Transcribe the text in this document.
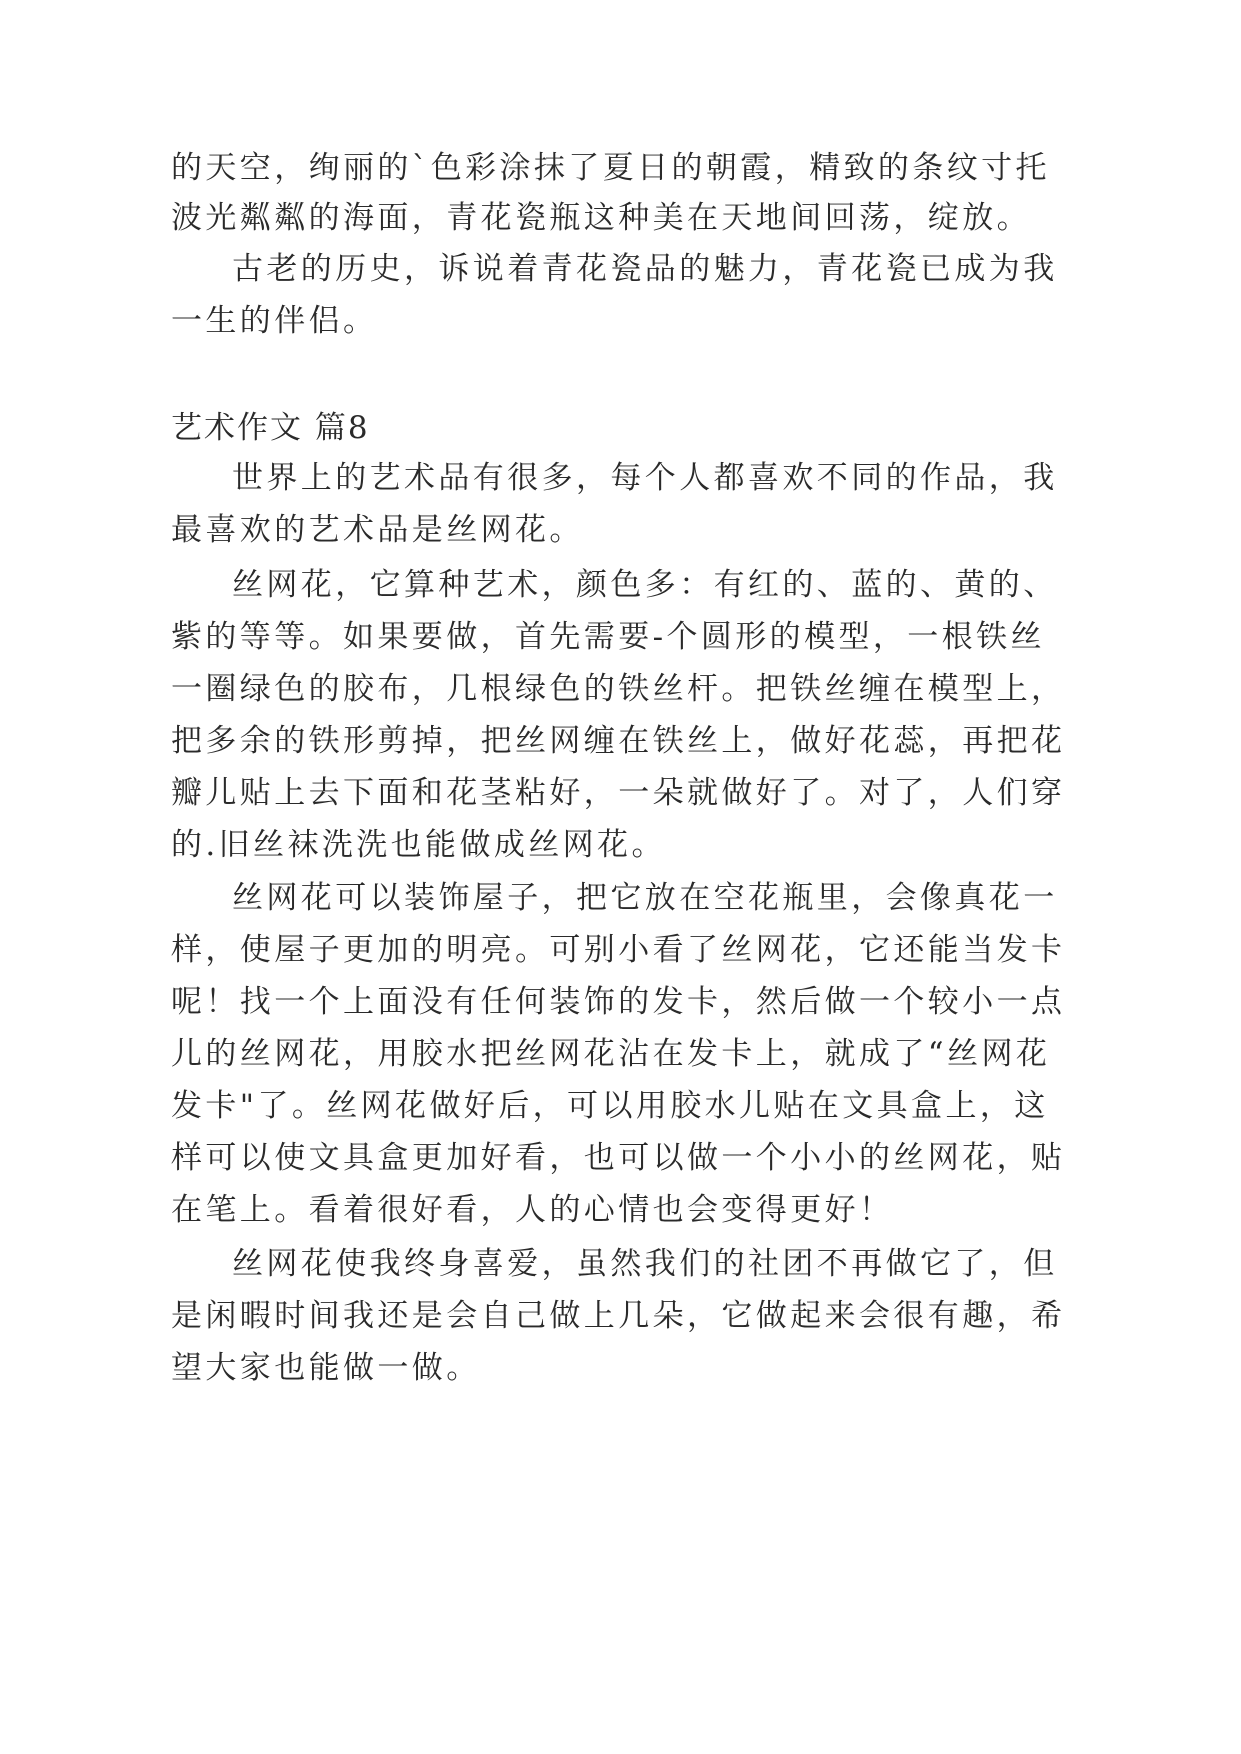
的天空，绚丽的`色彩涂抹了夏日的朝霞，精致的条纹寸托
波光粼粼的海面，青花瓷瓶这种美在天地间回荡，绽放。
古老的历史，诉说着青花瓷品的魅力，青花瓷已成为我
一生的伴侣。
艺术作文 篇8
世界上的艺术品有很多，每个人都喜欢不同的作品，我
最喜欢的艺术品是丝网花。
丝网花，它算种艺术，颜色多：有红的、蓝的、黄的、
紫的等等。如果要做，首先需要-个圆形的模型，一根铁丝
一圈绿色的胶布，几根绿色的铁丝杆。把铁丝缠在模型上，
把多余的铁形剪掉，把丝网缠在铁丝上，做好花蕊，再把花
瓣儿贴上去下面和花茎粘好，一朵就做好了。对了，人们穿
的.旧丝袜洗洗也能做成丝网花。
丝网花可以装饰屋子，把它放在空花瓶里，会像真花一
样，使屋子更加的明亮。可别小看了丝网花，它还能当发卡
呢！找一个上面没有任何装饰的发卡，然后做一个较小一点
儿的丝网花，用胶水把丝网花沾在发卡上，就成了“丝网花
发卡"了。丝网花做好后，可以用胶水儿贴在文具盒上，这
样可以使文具盒更加好看，也可以做一个小小的丝网花，贴
在笔上。看着很好看，人的心情也会变得更好！
丝网花使我终身喜爱，虽然我们的社团不再做它了，但
是闲暇时间我还是会自己做上几朵，它做起来会很有趣，希
望大家也能做一做。
